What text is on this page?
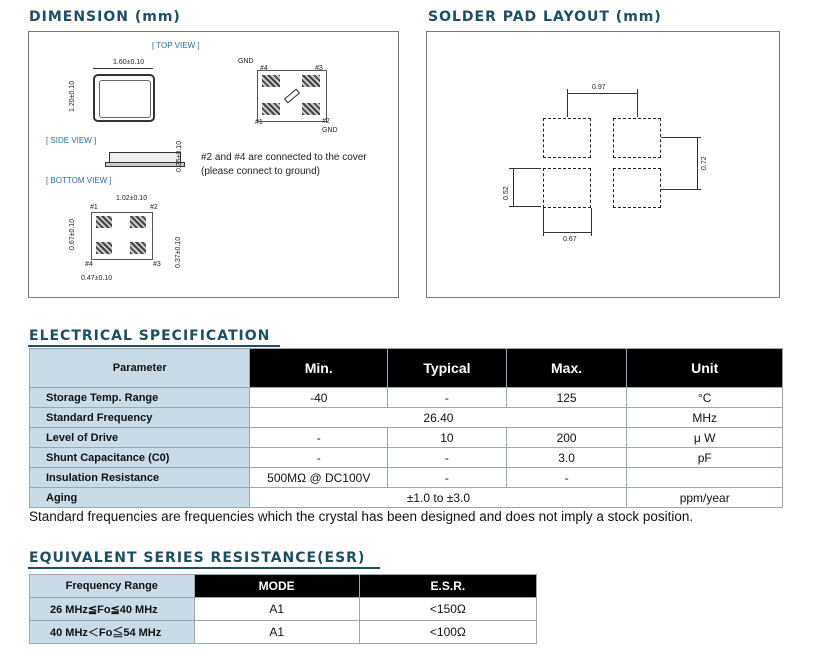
DIMENSION (mm)
[ TOP VIEW ]
1.60±0.10
1.20±0.10
GND
#4	#3
#1	#2
GND
[ SIDE VIEW ]
0.35±0.10 #2 and #4 are connected to the cover
(please connect to ground)
[ BOTTOM VIEW ]
1.02±0.10
#1	#2
0.67±0.10
0.37±0.10
#4	#3
0.47±0.10
SOLDER PAD LAYOUT (mm)
0.97
0.72
0.52
0.67
ELECTRICAL SPECIFICATION
Parameter	Min.	Typical	Max.	Unit
Storage Temp. Range	-40	-	125	°C
Standard Frequency	26.40			MHz
Level of Drive	-	10	200	μ W
Shunt Capacitance (C0)	-	-	3.0	pF
Insulation Resistance	500MΩ @ DC100V	-	-	
Aging	±1.0 to ±3.0			ppm/year
Standard frequencies are frequencies which the crystal has been designed and does not imply a stock position.
EQUIVALENT SERIES RESISTANCE(ESR)
Frequency Range	MODE	E.S.R.
26 MHz≦Fo≦40 MHz	A1	<150Ω
40 MHz＜Fo≦54 MHz	A1	<100Ω
